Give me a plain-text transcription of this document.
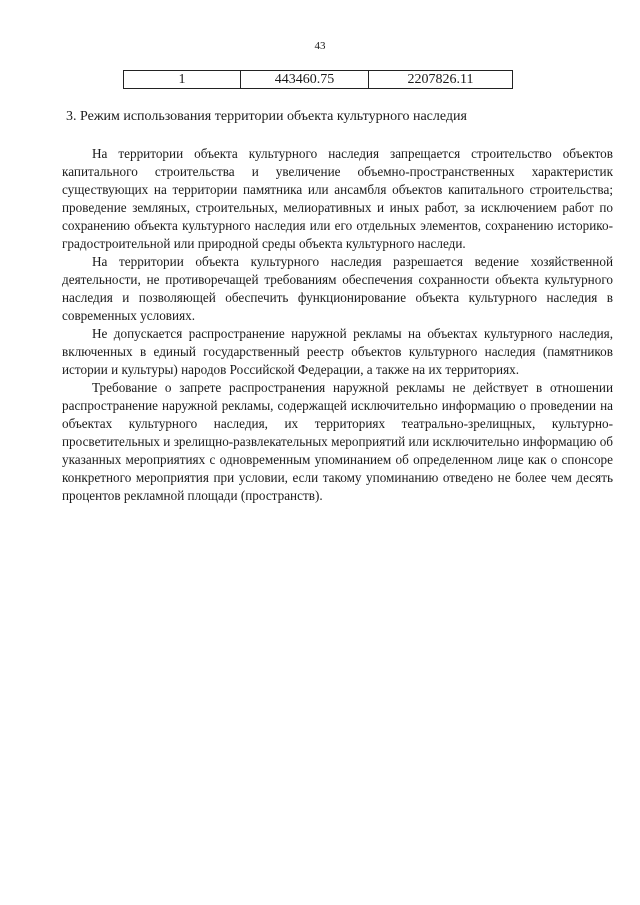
43
1	443460.75	2207826.11
3. Режим использования территории объекта культурного наследия

На территории объекта культурного наследия запрещается строительство объектов капитального строительства и увеличение объемно-пространственных характеристик существующих на территории памятника или ансамбля объектов капитального строительства; проведение земляных, строительных, мелиоративных и иных работ, за исключением работ по сохранению объекта культурного наследия или его отдельных элементов, сохранению историко-градостроительной или природной среды объекта культурного наследи.

На территории объекта культурного наследия разрешается ведение хозяйственной деятельности, не противоречащей требованиям обеспечения сохранности объекта культурного наследия и позволяющей обеспечить функционирование объекта культурного наследия в современных условиях.

Не допускается распространение наружной рекламы на объектах культурного наследия, включенных в единый государственный реестр объектов культурного наследия (памятников истории и культуры) народов Российской Федерации, а также на их территориях.

Требование о запрете распространения наружной рекламы не действует в отношении распространение наружной рекламы, содержащей исключительно информацию о проведении на объектах культурного наследия, их территориях театрально-зрелищных, культурно-просветительных и зрелищно-развлекательных мероприятий или исключительно информацию об указанных мероприятиях с одновременным упоминанием об определенном лице как о спонсоре конкретного мероприятия при условии, если такому упоминанию отведено не более чем десять процентов рекламной площади (пространств).
